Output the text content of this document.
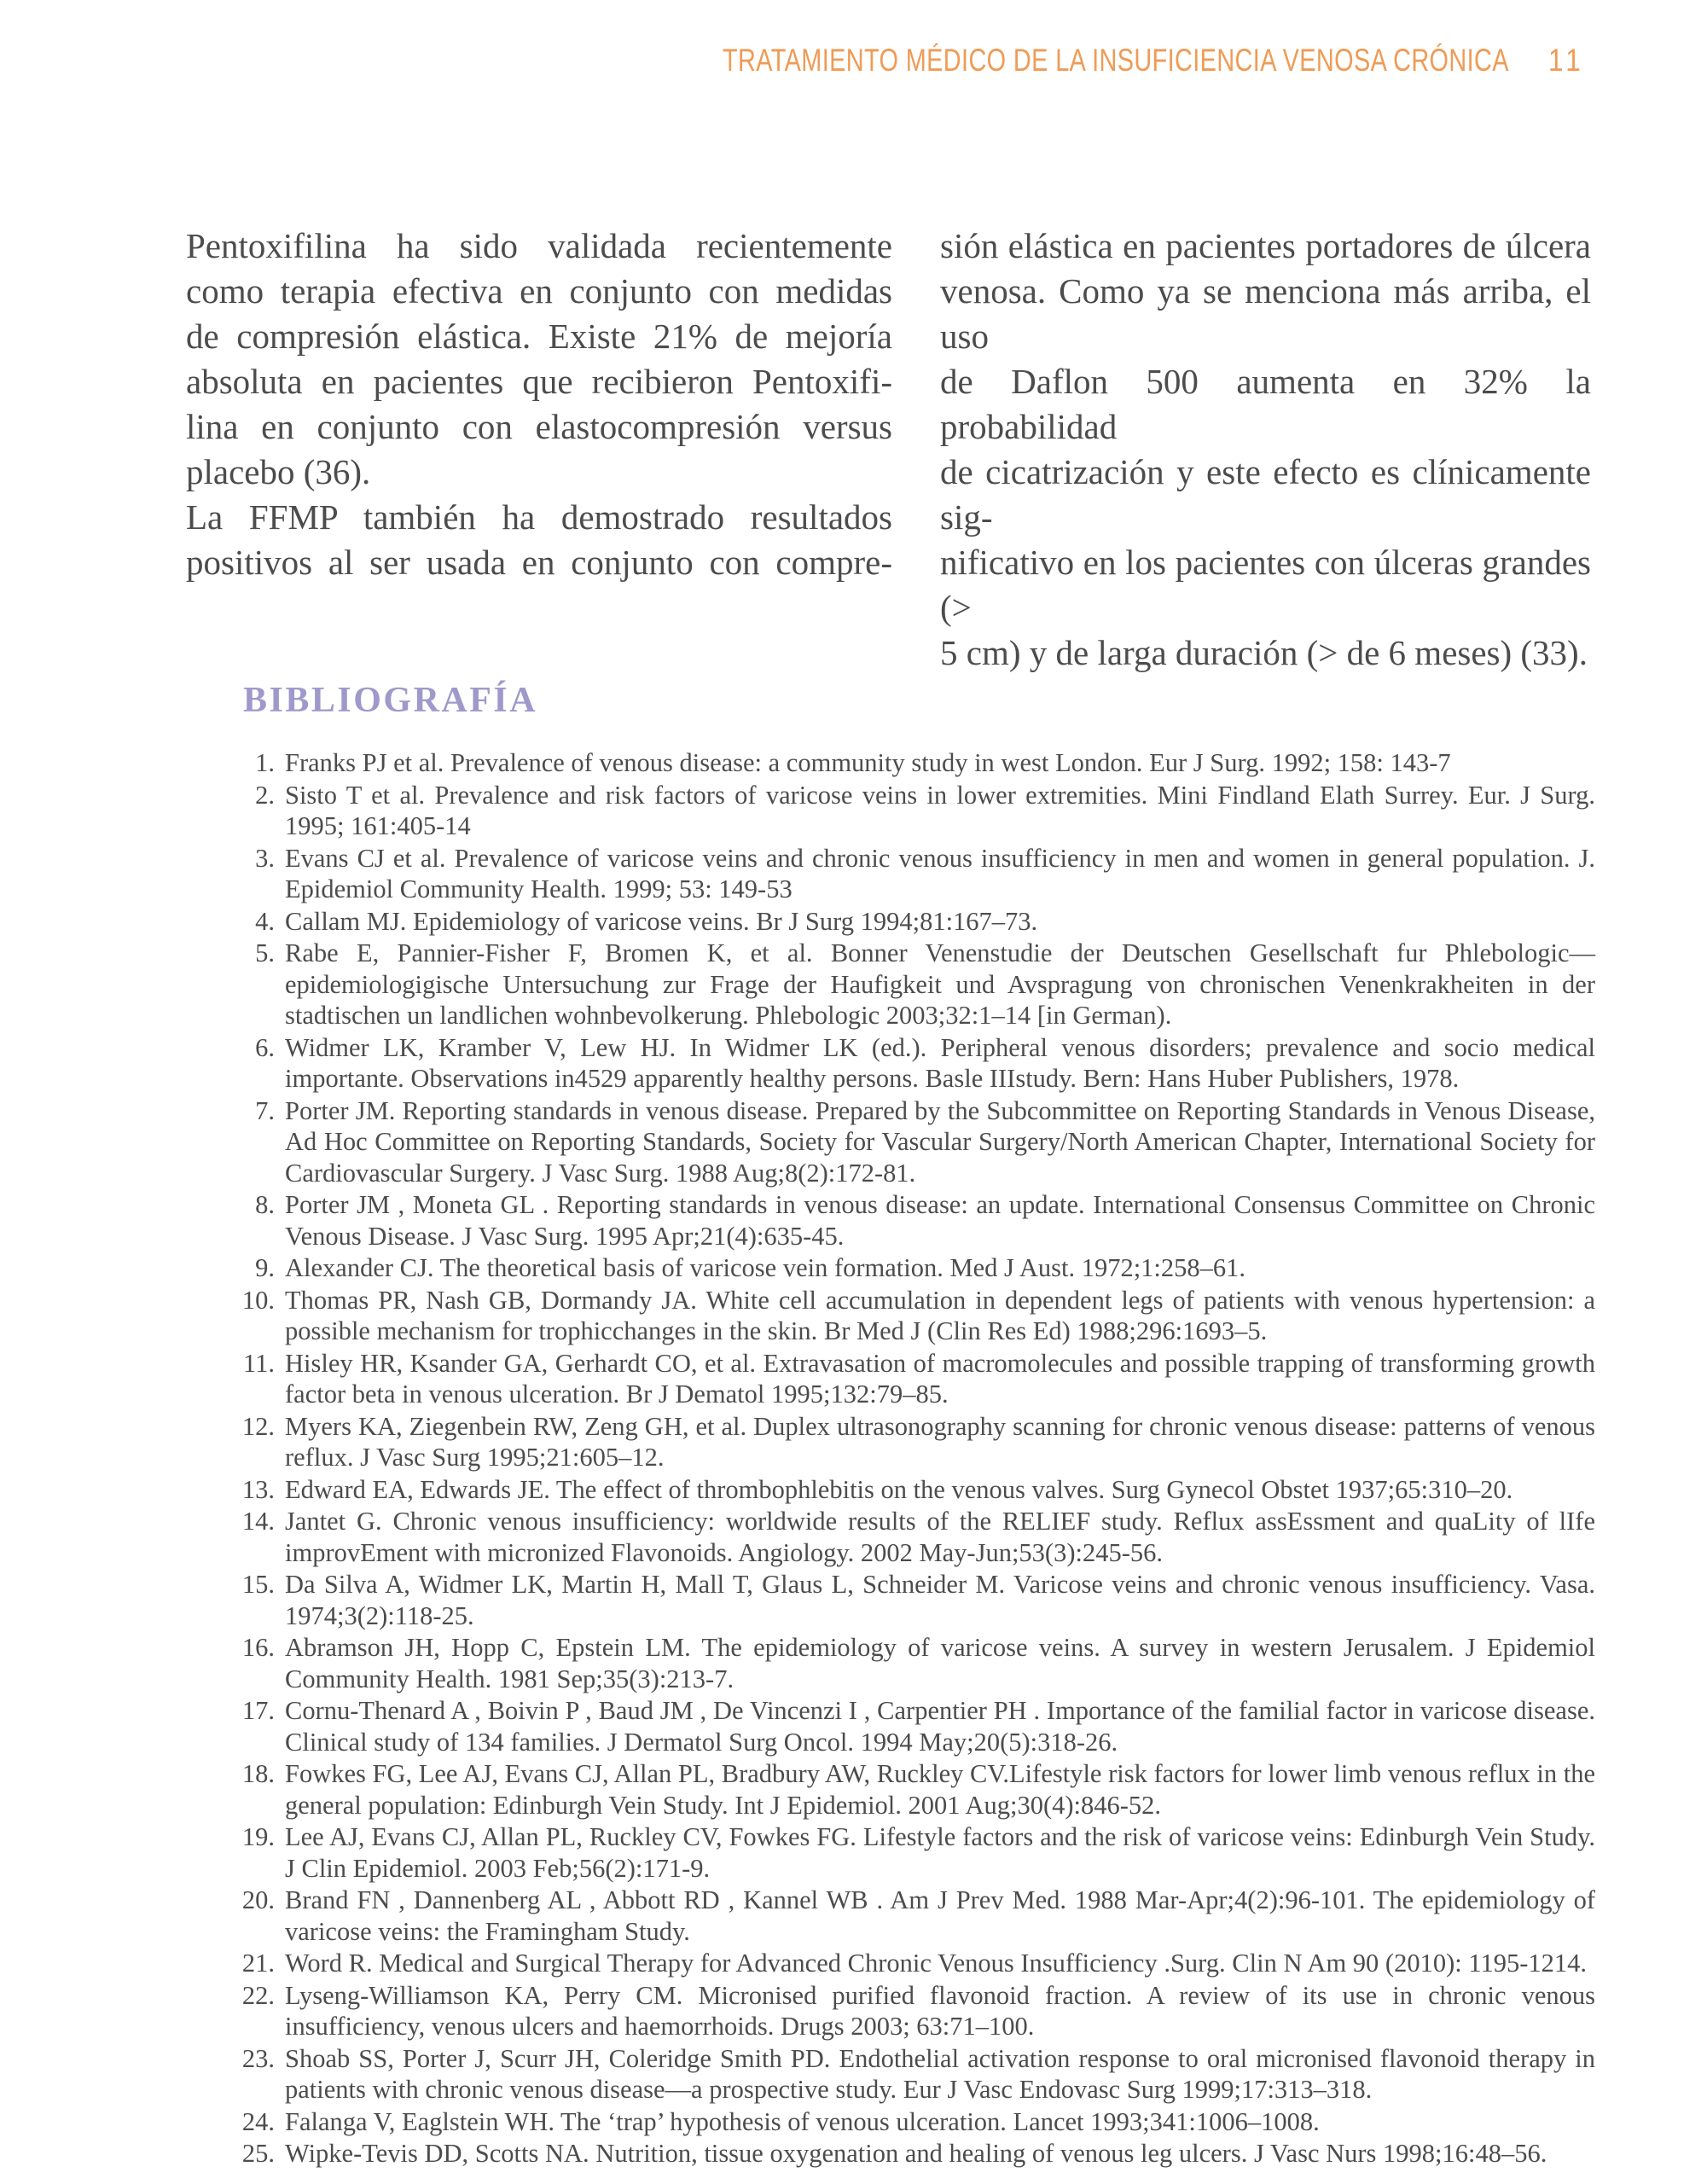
TRATAMIENTO MÉDICO DE LA INSUFICIENCIA VENOSA CRÓNICA 11
Pentoxifilina ha sido validada recientemente
como terapia efectiva en conjunto con medidas
de compresión elástica. Existe 21% de mejoría
absoluta en pacientes que recibieron Pentoxifi-
lina en conjunto con elastocompresión versus
placebo (36).
La FFMP también ha demostrado resultados
positivos al ser usada en conjunto con compre-
sión elástica en pacientes portadores de úlcera
venosa. Como ya se menciona más arriba, el uso
de Daflon 500 aumenta en 32% la probabilidad
de cicatrización y este efecto es clínicamente sig-
nificativo en los pacientes con úlceras grandes (>
5 cm) y de larga duración (> de 6 meses) (33).
BIBLIOGRAFÍA
1. Franks PJ et al. Prevalence of venous disease: a community study in west London. Eur J Surg. 1992; 158: 143-7
2. Sisto T et al. Prevalence and risk factors of varicose veins in lower extremities. Mini Findland Elath Surrey. Eur. J Surg. 1995; 161:405-14
3. Evans CJ et al. Prevalence of varicose veins and chronic venous insufficiency in men and women in general population. J. Epidemiol Community Health. 1999; 53: 149-53
4. Callam MJ. Epidemiology of varicose veins. Br J Surg 1994;81:167–73.
5. Rabe E, Pannier-Fisher F, Bromen K, et al. Bonner Venenstudie der Deutschen Gesellschaft fur Phlebologic—epidemiologigische Untersuchung zur Frage der Haufigkeit und Avspragung von chronischen Venenkrakheiten in der stadtischen un landlichen wohnbevolkerung. Phlebologic 2003;32:1–14 [in German).
6. Widmer LK, Kramber V, Lew HJ. In Widmer LK (ed.). Peripheral venous disorders; prevalence and socio medical importante. Observations in4529 apparently healthy persons. Basle IIIstudy. Bern: Hans Huber Publishers, 1978.
7. Porter JM. Reporting standards in venous disease. Prepared by the Subcommittee on Reporting Standards in Venous Disease, Ad Hoc Committee on Reporting Standards, Society for Vascular Surgery/North American Chapter, International Society for Cardiovascular Surgery. J Vasc Surg. 1988 Aug;8(2):172-81.
8. Porter JM , Moneta GL . Reporting standards in venous disease: an update. International Consensus Committee on Chronic Venous Disease. J Vasc Surg. 1995 Apr;21(4):635-45.
9. Alexander CJ. The theoretical basis of varicose vein formation. Med J Aust. 1972;1:258–61.
10. Thomas PR, Nash GB, Dormandy JA. White cell accumulation in dependent legs of patients with venous hypertension: a possible mechanism for trophicchanges in the skin. Br Med J (Clin Res Ed) 1988;296:1693–5.
11. Hisley HR, Ksander GA, Gerhardt CO, et al. Extravasation of macromolecules and possible trapping of transforming growth factor beta in venous ulceration. Br J Dematol 1995;132:79–85.
12. Myers KA, Ziegenbein RW, Zeng GH, et al. Duplex ultrasonography scanning for chronic venous disease: patterns of venous reflux. J Vasc Surg 1995;21:605–12.
13. Edward EA, Edwards JE. The effect of thrombophlebitis on the venous valves. Surg Gynecol Obstet 1937;65:310–20.
14. Jantet G. Chronic venous insufficiency: worldwide results of the RELIEF study. Reflux assEssment and quaLity of lIfe improvEment with micronized Flavonoids. Angiology. 2002 May-Jun;53(3):245-56.
15. Da Silva A, Widmer LK, Martin H, Mall T, Glaus L, Schneider M. Varicose veins and chronic venous insufficiency. Vasa. 1974;3(2):118-25.
16. Abramson JH, Hopp C, Epstein LM. The epidemiology of varicose veins. A survey in western Jerusalem. J Epidemiol Community Health. 1981 Sep;35(3):213-7.
17. Cornu-Thenard A , Boivin P , Baud JM , De Vincenzi I , Carpentier PH . Importance of the familial factor in varicose disease. Clinical study of 134 families. J Dermatol Surg Oncol. 1994 May;20(5):318-26.
18. Fowkes FG, Lee AJ, Evans CJ, Allan PL, Bradbury AW, Ruckley CV.Lifestyle risk factors for lower limb venous reflux in the general population: Edinburgh Vein Study. Int J Epidemiol. 2001 Aug;30(4):846-52.
19. Lee AJ, Evans CJ, Allan PL, Ruckley CV, Fowkes FG. Lifestyle factors and the risk of varicose veins: Edinburgh Vein Study. J Clin Epidemiol. 2003 Feb;56(2):171-9.
20. Brand FN , Dannenberg AL , Abbott RD , Kannel WB . Am J Prev Med. 1988 Mar-Apr;4(2):96-101. The epidemiology of varicose veins: the Framingham Study.
21. Word R. Medical and Surgical Therapy for Advanced Chronic Venous Insufficiency .Surg. Clin N Am 90 (2010): 1195-1214.
22. Lyseng-Williamson KA, Perry CM. Micronised purified flavonoid fraction. A review of its use in chronic venous insufficiency, venous ulcers and haemorrhoids. Drugs 2003; 63:71–100.
23. Shoab SS, Porter J, Scurr JH, Coleridge Smith PD. Endothelial activation response to oral micronised flavonoid therapy in patients with chronic venous disease—a prospective study. Eur J Vasc Endovasc Surg 1999;17:313–318.
24. Falanga V, Eaglstein WH. The ‘trap’ hypothesis of venous ulceration. Lancet 1993;341:1006–1008.
25. Wipke-Tevis DD, Scotts NA. Nutrition, tissue oxygenation and healing of venous leg ulcers. J Vasc Nurs 1998;16:48–56.
